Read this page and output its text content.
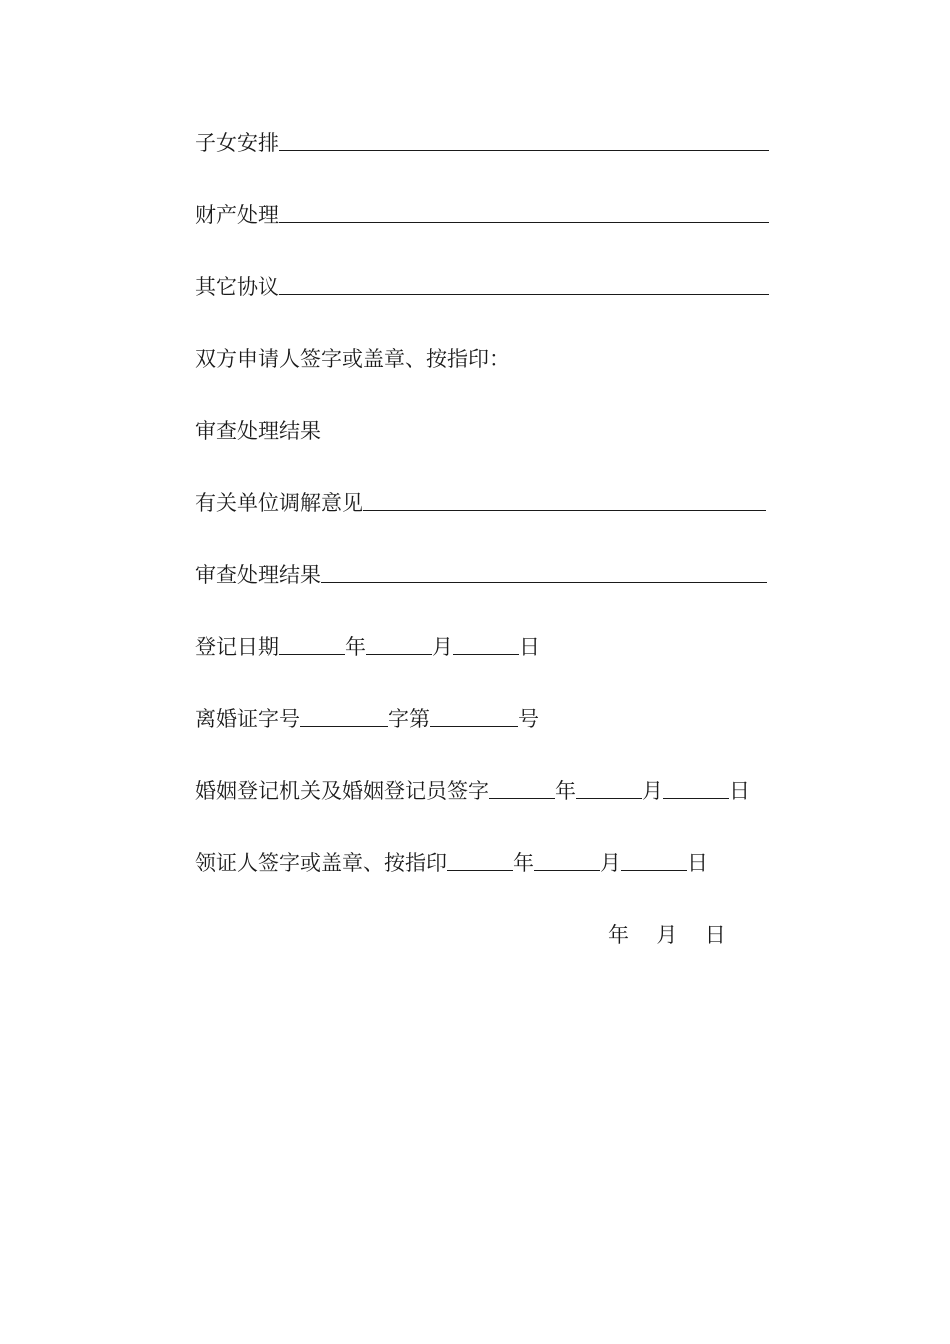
子女安排
财产处理
其它协议
双方申请人签字或盖章、按指印：
审查处理结果
有关单位调解意见
审查处理结果
登记日期	年	月	日
离婚证字号	字第	号
婚姻登记机关及婚姻登记员签字	年	月	日
领证人签字或盖章、按指印	年	月	日
年 月 日
